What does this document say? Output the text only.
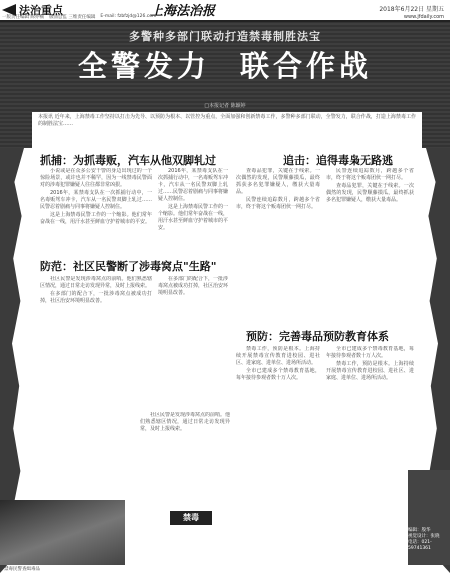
法治重点	上海法治报	2018年6月22日 星期五
一版责任编辑 陈亦楠 版面总监 三维责任编辑 E-mail: fzbfzjd@126.com	www.jfdaily.com
多警种多部门联动打造禁毒制胜法宝
全警发力 联合作战
□本报记者 陈颖婷
本报讯 近年来，上海禁毒工作坚持以打击为先导、以预防为根本、以管控为重点，全面加强和创新禁毒工作，多警种多部门联动，全警发力，联合作战，打造上海禁毒工作的制胜法宝……
抓捕：为抓毒贩，汽车从他双脚轧过

小说或是在众多公安干警的身边出现过的一个惊险场景，或许也并不稀罕，因为一线禁毒民警面对的涉毒犯罪嫌疑人往往都非常凶狠。

2016年，某禁毒支队在一次抓捕行动中，一名毒贩驾车冲卡，汽车从一名民警双脚上轧过……民警忍着剧痛与同事将嫌疑人控制住。

这是上海禁毒民警工作的一个缩影。他们常年奋战在一线，用汗水甚至鲜血守护着城市的平安。

2016年，某禁毒支队在一次抓捕行动中，一名毒贩驾车冲卡，汽车从一名民警双脚上轧过……民警忍着剧痛与同事将嫌疑人控制住。

这是上海禁毒民警工作的一个缩影。他们常年奋战在一线，用汗水甚至鲜血守护着城市的平安。

追击：追得毒枭无路逃

查毒品犯罪，关键在于线索。一次偶然的发现，民警顺藤摸瓜，最终抓获多名犯罪嫌疑人，缴获大量毒品。

民警连续追踪数月，跨越多个省市，终于将这个贩毒团伙一网打尽。

民警连续追踪数月，跨越多个省市，终于将这个贩毒团伙一网打尽。

查毒品犯罪，关键在于线索。一次偶然的发现，民警顺藤摸瓜，最终抓获多名犯罪嫌疑人，缴获大量毒品。

防范：社区民警断了涉毒窝点"生路"

社区民警是发现涉毒窝点的前哨。他们熟悉辖区情况，通过日常走访发现异常，及时上报线索。

在多部门的配合下，一批涉毒窝点被成功打掉，社区治安环境明显改善。

在多部门的配合下，一批涉毒窝点被成功打掉，社区治安环境明显改善。

预防：完善毒品预防教育体系

禁毒工作，预防是根本。上海持续开展禁毒宣传教育进校园、进社区、进家庭、进单位、进场所活动。

全市已建成多个禁毒教育基地，每年接待参观者数十万人次。

全市已建成多个禁毒教育基地，每年接待参观者数十万人次。

禁毒工作，预防是根本。上海持续开展禁毒宣传教育进校园、进社区、进家庭、进单位、进场所活动。

社区民警是发现涉毒窝点的前哨。他们熟悉辖区情况，通过日常走访发现异常，及时上报线索。

禁毒民警查缉毒品
禁毒
编辑：殷华
视觉设计：张晓
电话：021-59741361
